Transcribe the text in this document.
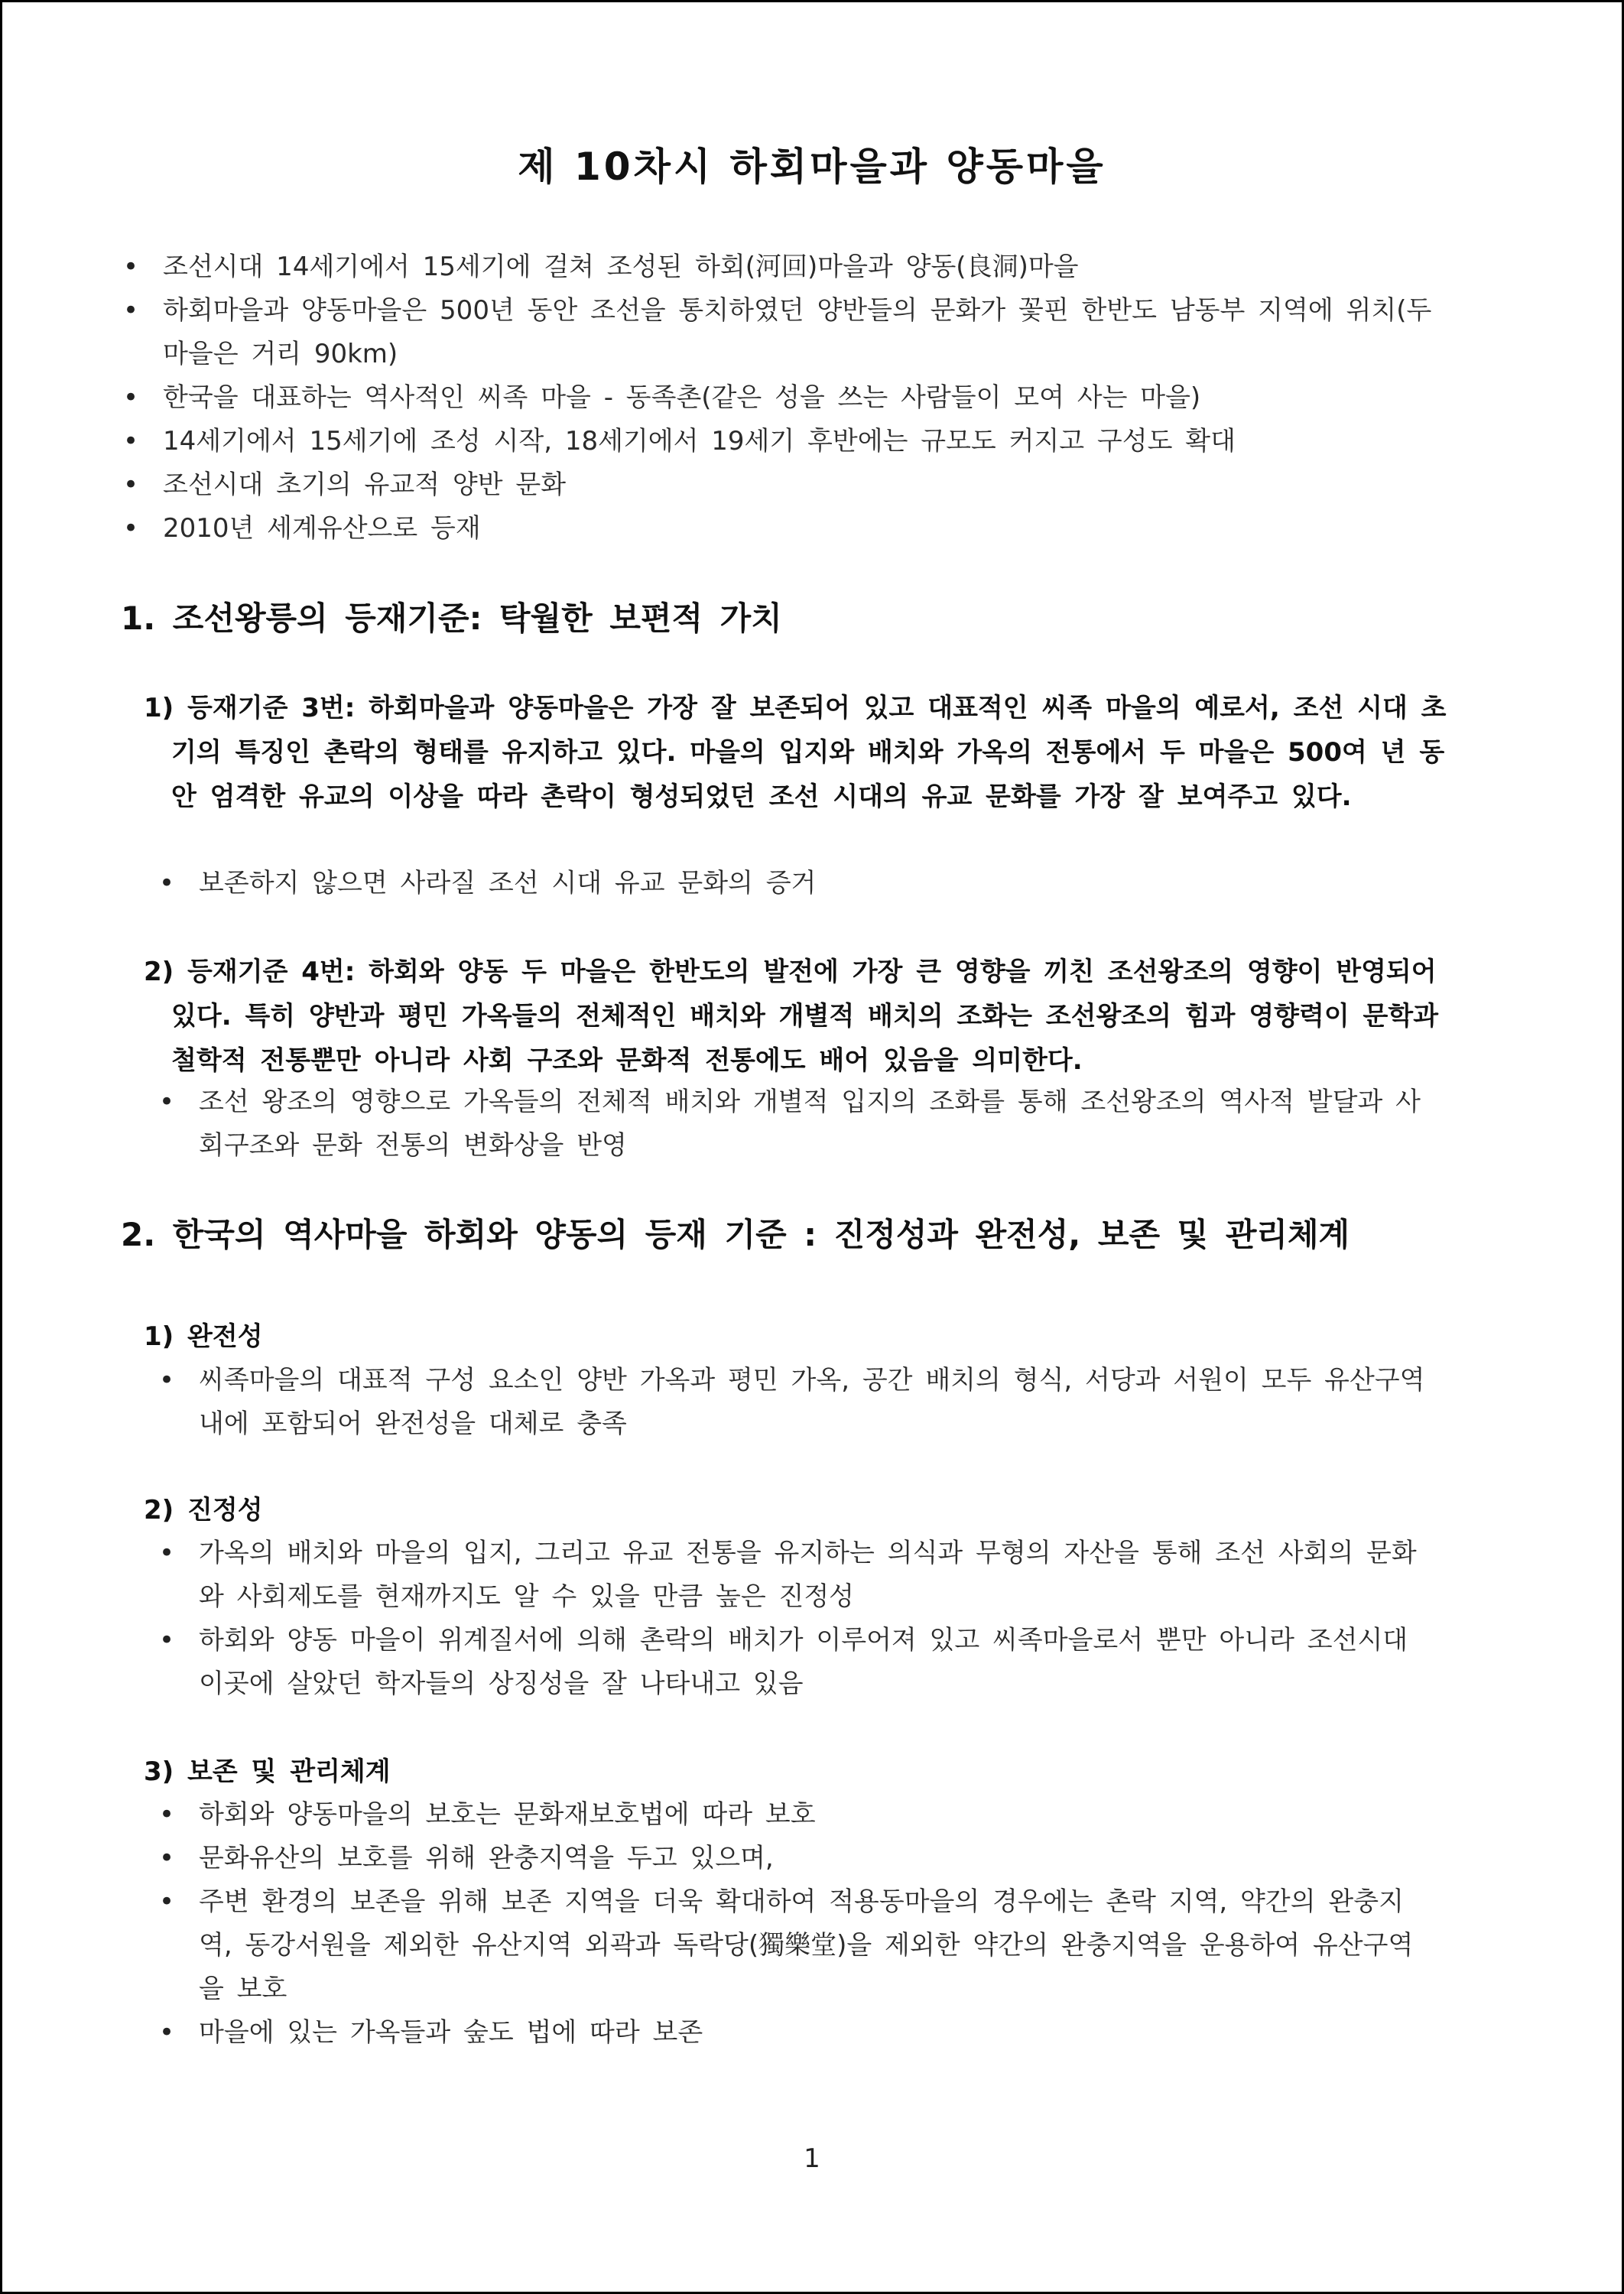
제 10차시 하회마을과 양동마을
• 조선시대 14세기에서 15세기에 걸쳐 조성된 하회(河回)마을과 양동(良洞)마을
• 하회마을과 양동마을은 500년 동안 조선을 통치하였던 양반들의 문화가 꽃핀 한반도 남동부 지역에 위치(두 마을은 거리 90km)
• 한국을 대표하는 역사적인 씨족 마을 - 동족촌(같은 성을 쓰는 사람들이 모여 사는 마을)
• 14세기에서 15세기에 조성 시작, 18세기에서 19세기 후반에는 규모도 커지고 구성도 확대
• 조선시대 초기의 유교적 양반 문화
• 2010년 세계유산으로 등재
1. 조선왕릉의 등재기준: 탁월한 보편적 가치
1) 등재기준 3번: 하회마을과 양동마을은 가장 잘 보존되어 있고 대표적인 씨족 마을의 예로서, 조선 시대 초기의 특징인 촌락의 형태를 유지하고 있다. 마을의 입지와 배치와 가옥의 전통에서 두 마을은 500여 년 동안 엄격한 유교의 이상을 따라 촌락이 형성되었던 조선 시대의 유교 문화를 가장 잘 보여주고 있다.
• 보존하지 않으면 사라질 조선 시대 유교 문화의 증거
2) 등재기준 4번: 하회와 양동 두 마을은 한반도의 발전에 가장 큰 영향을 끼친 조선왕조의 영향이 반영되어 있다. 특히 양반과 평민 가옥들의 전체적인 배치와 개별적 배치의 조화는 조선왕조의 힘과 영향력이 문학과 철학적 전통뿐만 아니라 사회 구조와 문화적 전통에도 배어 있음을 의미한다.
• 조선 왕조의 영향으로 가옥들의 전체적 배치와 개별적 입지의 조화를 통해 조선왕조의 역사적 발달과 사회구조와 문화 전통의 변화상을 반영
2. 한국의 역사마을 하회와 양동의 등재 기준 : 진정성과 완전성, 보존 및 관리체계
1) 완전성
• 씨족마을의 대표적 구성 요소인 양반 가옥과 평민 가옥, 공간 배치의 형식, 서당과 서원이 모두 유산구역 내에 포함되어 완전성을 대체로 충족
2) 진정성
• 가옥의 배치와 마을의 입지, 그리고 유교 전통을 유지하는 의식과 무형의 자산을 통해 조선 사회의 문화와 사회제도를 현재까지도 알 수 있을 만큼 높은 진정성
• 하회와 양동 마을이 위계질서에 의해 촌락의 배치가 이루어져 있고 씨족마을로서 뿐만 아니라 조선시대 이곳에 살았던 학자들의 상징성을 잘 나타내고 있음
3) 보존 및 관리체계
• 하회와 양동마을의 보호는 문화재보호법에 따라 보호
• 문화유산의 보호를 위해 완충지역을 두고 있으며,
• 주변 환경의 보존을 위해 보존 지역을 더욱 확대하여 적용동마을의 경우에는 촌락 지역, 약간의 완충지역, 동강서원을 제외한 유산지역 외곽과 독락당(獨樂堂)을 제외한 약간의 완충지역을 운용하여 유산구역을 보호
• 마을에 있는 가옥들과 숲도 법에 따라 보존
1
